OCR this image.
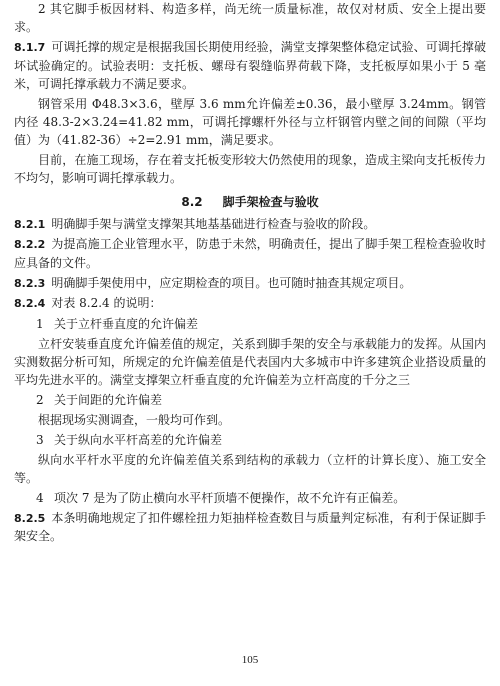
2 其它脚手板因材料、构造多样，尚无统一质量标准，故仅对材质、安全上提出要求。

8.1.7 可调托撑的规定是根据我国长期使用经验，满堂支撑架整体稳定试验、可调托撑破坏试验确定的。试验表明：支托板、螺母有裂缝临界荷载下降，支托板厚如果小于 5 毫米，可调托撑承载力不满足要求。

钢管采用 Φ48.3×3.6，壁厚 3.6 mm允许偏差±0.36，最小壁厚 3.24mm。钢管内径 48.3-2×3.24=41.82 mm，可调托撑螺杆外径与立杆钢管内壁之间的间隙（平均值）为（41.82-36）÷2=2.91 mm，满足要求。

目前，在施工现场，存在着支托板变形较大仍然使用的现象，造成主梁向支托板传力不均匀，影响可调托撑承载力。

8.2 脚手架检查与验收

8.2.1 明确脚手架与满堂支撑架其地基基础进行检查与验收的阶段。

8.2.2 为提高施工企业管理水平，防患于未然，明确责任，提出了脚手架工程检查验收时应具备的文件。

8.2.3 明确脚手架使用中，应定期检查的项目。也可随时抽查其规定项目。

8.2.4 对表 8.2.4 的说明：

1 关于立杆垂直度的允许偏差

立杆安装垂直度允许偏差值的规定，关系到脚手架的安全与承载能力的发挥。从国内实测数据分析可知，所规定的允许偏差值是代表国内大多城市中许多建筑企业搭设质量的平均先进水平的。满堂支撑架立杆垂直度的允许偏差为立杆高度的千分之三

2 关于间距的允许偏差

根据现场实测调查，一般均可作到。

3 关于纵向水平杆高差的允许偏差

纵向水平杆水平度的允许偏差值关系到结构的承载力（立杆的计算长度）、施工安全等。

4 项次 7 是为了防止横向水平杆顶墙不便操作，故不允许有正偏差。

8.2.5 本条明确地规定了扣件螺栓扭力矩抽样检查数目与质量判定标准，有利于保证脚手架安全。

105
